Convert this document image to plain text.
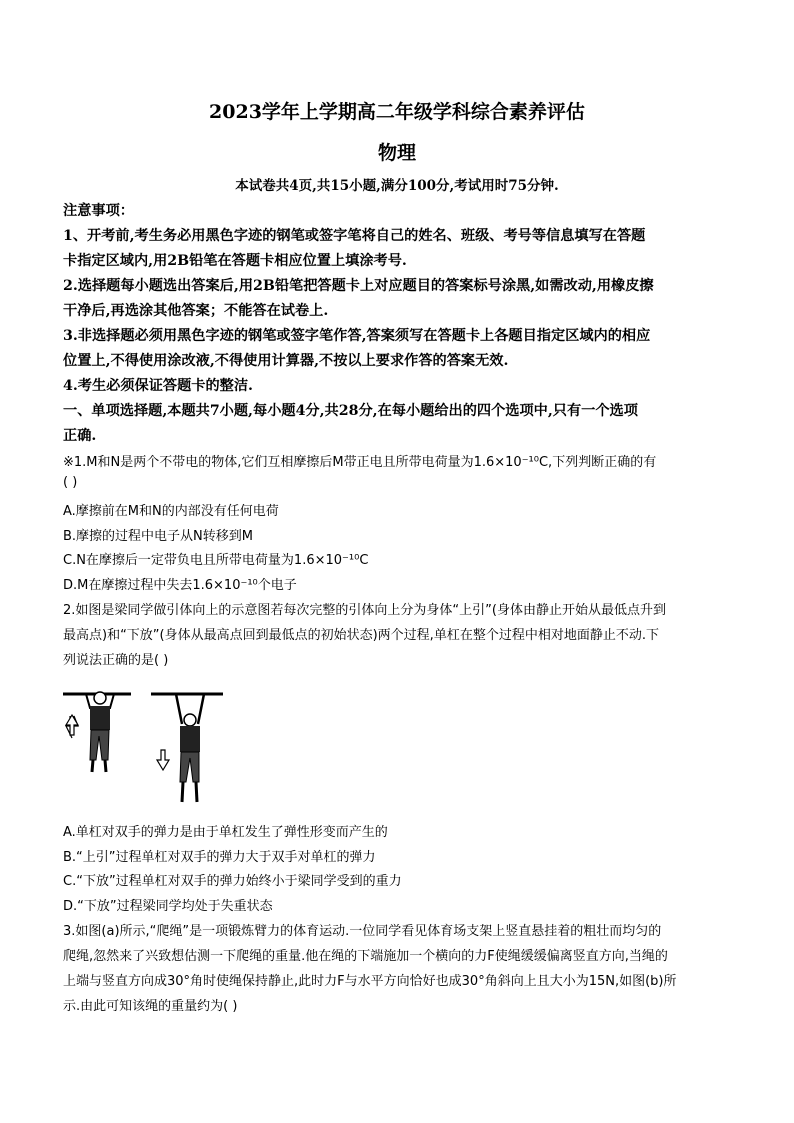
2023学年上学期高二年级学科综合素养评估
物理
本试卷共4页,共15小题,满分100分,考试用时75分钟.
注意事项：
1、开考前,考生务必用黑色字迹的钢笔或签字笔将自己的姓名、班级、考号等信息填写在答题
卡指定区域内,用2B铅笔在答题卡相应位置上填涂考号.
2.选择题每小题选出答案后,用2B铅笔把答题卡上对应题目的答案标号涂黑,如需改动,用橡皮擦
干净后,再选涂其他答案；不能答在试卷上.
3.非选择题必须用黑色字迹的钢笔或签字笔作答,答案须写在答题卡上各题目指定区域内的相应
位置上,不得使用涂改液,不得使用计算器,不按以上要求作答的答案无效.
4.考生必须保证答题卡的整洁.
一、单项选择题,本题共7小题,每小题4分,共28分,在每小题给出的四个选项中,只有一个选项
正确.
※1.M和N是两个不带电的物体,它们互相摩擦后M带正电且所带电荷量为1.6×10⁻¹⁰C,下列判断正确的有
( )
A.摩擦前在M和N的内部没有任何电荷
B.摩擦的过程中电子从N转移到M
C.N在摩擦后一定带负电且所带电荷量为1.6×10⁻¹⁰C
D.M在摩擦过程中失去1.6×10⁻¹⁰个电子
2.如图是梁同学做引体向上的示意图若每次完整的引体向上分为身体“上引”(身体由静止开始从最低点升到
最高点)和“下放”(身体从最高点回到最低点的初始状态)两个过程,单杠在整个过程中相对地面静止不动.下
列说法正确的是( )
A.单杠对双手的弹力是由于单杠发生了弹性形变而产生的
B.“上引”过程单杠对双手的弹力大于双手对单杠的弹力
C.“下放”过程单杠对双手的弹力始终小于梁同学受到的重力
D.“下放”过程梁同学均处于失重状态
3.如图(a)所示,“爬绳”是一项锻炼臂力的体育运动.一位同学看见体育场支架上竖直悬挂着的粗壮而均匀的
爬绳,忽然来了兴致想估测一下爬绳的重量.他在绳的下端施加一个横向的力F使绳缓缓偏离竖直方向,当绳的
上端与竖直方向成30°角时使绳保持静止,此时力F与水平方向恰好也成30°角斜向上且大小为15N,如图(b)所
示.由此可知该绳的重量约为( )
